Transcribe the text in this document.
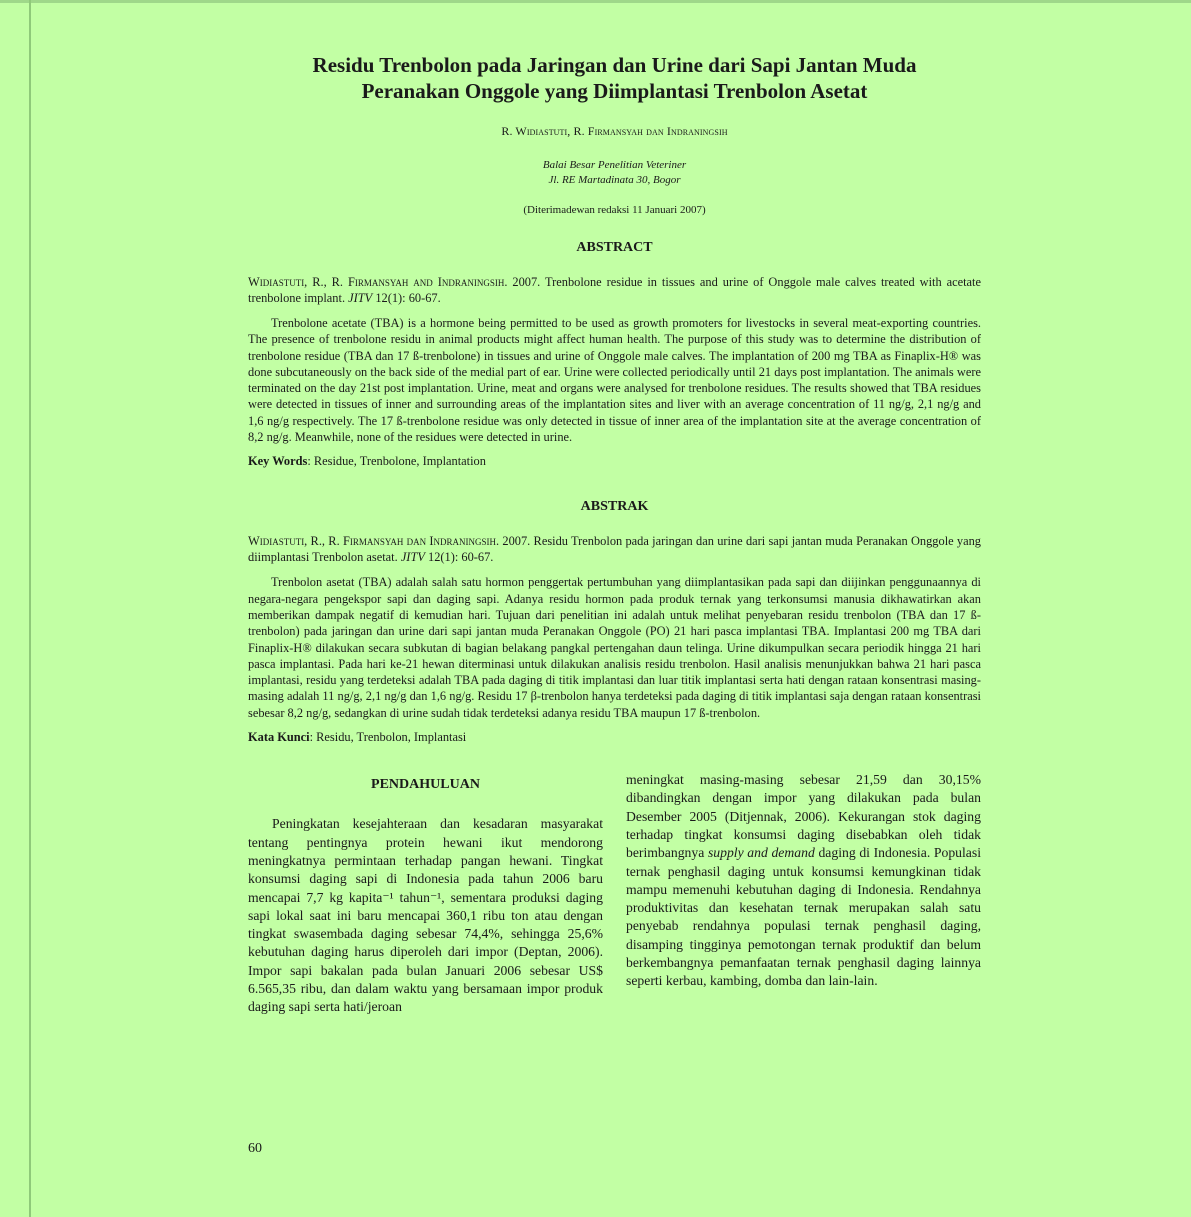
Residu Trenbolon pada Jaringan dan Urine dari Sapi Jantan Muda
Peranakan Onggole yang Diimplantasi Trenbolon Asetat
R. Widiastuti, R. Firmansyah dan Indraningsih
Balai Besar Penelitian Veteriner
Jl. RE Martadinata 30, Bogor
(Diterimadewan redaksi 11 Januari 2007)
ABSTRACT
Widiastuti, R., R. Firmansyah and Indraningsih. 2007. Trenbolone residue in tissues and urine of Onggole male calves treated with acetate trenbolone implant. JITV 12(1): 60-67.
Trenbolone acetate (TBA) is a hormone being permitted to be used as growth promoters for livestocks in several meat-exporting countries. The presence of trenbolone residu in animal products might affect human health. The purpose of this study was to determine the distribution of trenbolone residue (TBA dan 17 ß-trenbolone) in tissues and urine of Onggole male calves. The implantation of 200 mg TBA as Finaplix-H® was done subcutaneously on the back side of the medial part of ear. Urine were collected periodically until 21 days post implantation. The animals were terminated on the day 21st post implantation. Urine, meat and organs were analysed for trenbolone residues. The results showed that TBA residues were detected in tissues of inner and surrounding areas of the implantation sites and liver with an average concentration of 11 ng/g, 2,1 ng/g and 1,6 ng/g respectively. The 17 ß-trenbolone residue was only detected in tissue of inner area of the implantation site at the average concentration of 8,2 ng/g. Meanwhile, none of the residues were detected in urine.
Key Words: Residue, Trenbolone, Implantation
ABSTRAK
Widiastuti, R., R. Firmansyah dan Indraningsih. 2007. Residu Trenbolon pada jaringan dan urine dari sapi jantan muda Peranakan Onggole yang diimplantasi Trenbolon asetat. JITV 12(1): 60-67.
Trenbolon asetat (TBA) adalah salah satu hormon penggertak pertumbuhan yang diimplantasikan pada sapi dan diijinkan penggunaannya di negara-negara pengekspor sapi dan daging sapi. Adanya residu hormon pada produk ternak yang terkonsumsi manusia dikhawatirkan akan memberikan dampak negatif di kemudian hari. Tujuan dari penelitian ini adalah untuk melihat penyebaran residu trenbolon (TBA dan 17 ß-trenbolon) pada jaringan dan urine dari sapi jantan muda Peranakan Onggole (PO) 21 hari pasca implantasi TBA. Implantasi 200 mg TBA dari Finaplix-H® dilakukan secara subkutan di bagian belakang pangkal pertengahan daun telinga. Urine dikumpulkan secara periodik hingga 21 hari pasca implantasi. Pada hari ke-21 hewan diterminasi untuk dilakukan analisis residu trenbolon. Hasil analisis menunjukkan bahwa 21 hari pasca implantasi, residu yang terdeteksi adalah TBA pada daging di titik implantasi dan luar titik implantasi serta hati dengan rataan konsentrasi masing-masing adalah 11 ng/g, 2,1 ng/g dan 1,6 ng/g. Residu 17 β-trenbolon hanya terdeteksi pada daging di titik implantasi saja dengan rataan konsentrasi sebesar 8,2 ng/g, sedangkan di urine sudah tidak terdeteksi adanya residu TBA maupun 17 ß-trenbolon.
Kata Kunci: Residu, Trenbolon, Implantasi
PENDAHULUAN

Peningkatan kesejahteraan dan kesadaran masyarakat tentang pentingnya protein hewani ikut mendorong meningkatnya permintaan terhadap pangan hewani. Tingkat konsumsi daging sapi di Indonesia pada tahun 2006 baru mencapai 7,7 kg kapita⁻¹ tahun⁻¹, sementara produksi daging sapi lokal saat ini baru mencapai 360,1 ribu ton atau dengan tingkat swasembada daging sebesar 74,4%, sehingga 25,6% kebutuhan daging harus diperoleh dari impor (Deptan, 2006). Impor sapi bakalan pada bulan Januari 2006 sebesar US$ 6.565,35 ribu, dan dalam waktu yang bersamaan impor produk daging sapi serta hati/jeroan

meningkat masing-masing sebesar 21,59 dan 30,15% dibandingkan dengan impor yang dilakukan pada bulan Desember 2005 (Ditjennak, 2006). Kekurangan stok daging terhadap tingkat konsumsi daging disebabkan oleh tidak berimbangnya supply and demand daging di Indonesia. Populasi ternak penghasil daging untuk konsumsi kemungkinan tidak mampu memenuhi kebutuhan daging di Indonesia. Rendahnya produktivitas dan kesehatan ternak merupakan salah satu penyebab rendahnya populasi ternak penghasil daging, disamping tingginya pemotongan ternak produktif dan belum berkembangnya pemanfaatan ternak penghasil daging lainnya seperti kerbau, kambing, domba dan lain-lain.

60
